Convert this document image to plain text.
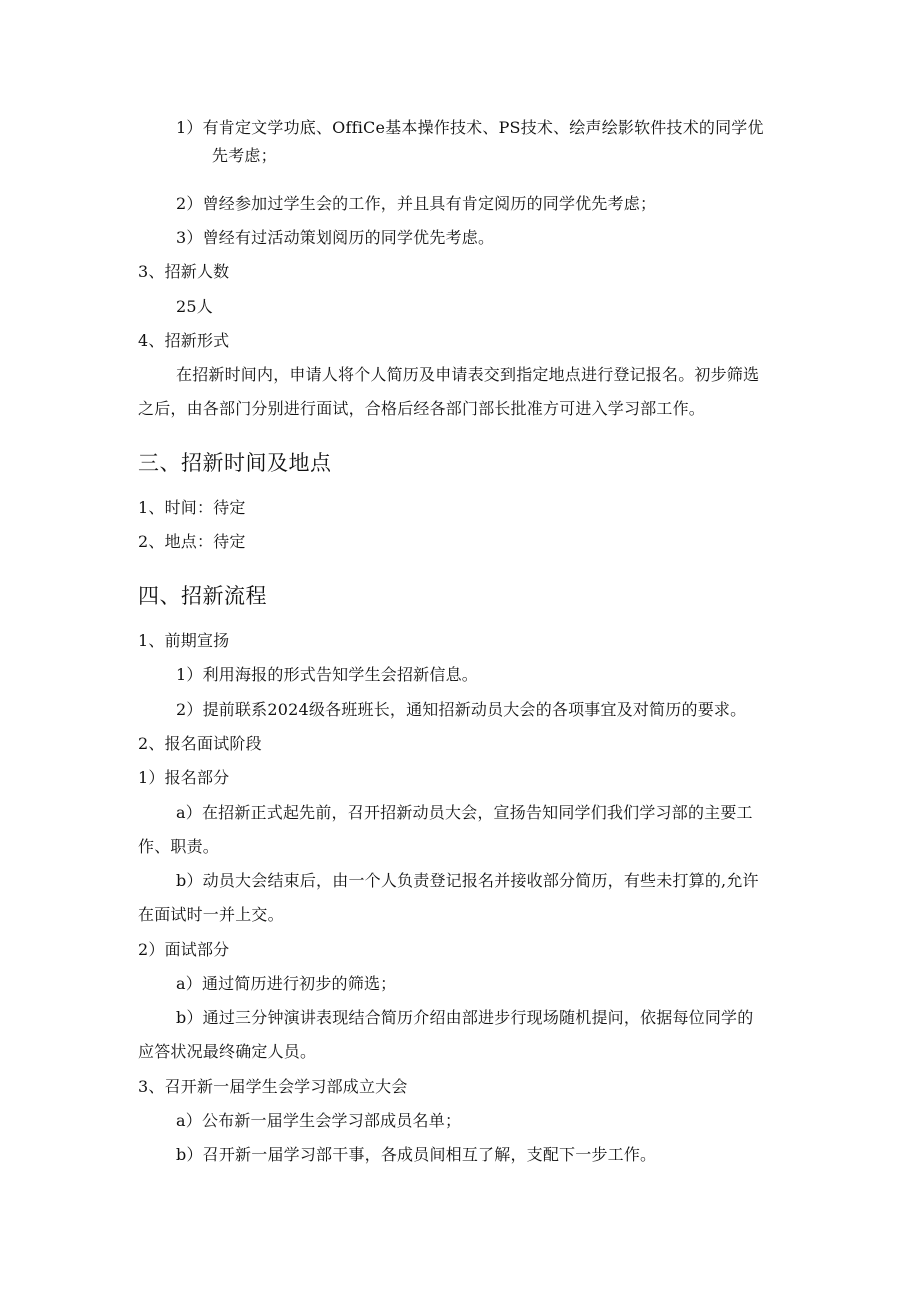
1）有肯定文学功底、OffiCe基本操作技术、PS技术、绘声绘影软件技术的同学优
先考虑；
2）曾经参加过学生会的工作，并且具有肯定阅历的同学优先考虑；
3）曾经有过活动策划阅历的同学优先考虑。
3、招新人数
25人
4、招新形式
在招新时间内，申请人将个人简历及申请表交到指定地点进行登记报名。初步筛选
之后，由各部门分别进行面试，合格后经各部门部长批准方可进入学习部工作。
三、招新时间及地点
1、时间：待定
2、地点：待定
四、招新流程
1、前期宣扬
1）利用海报的形式告知学生会招新信息。
2）提前联系2024级各班班长，通知招新动员大会的各项事宜及对简历的要求。
2、报名面试阶段
1）报名部分
a）在招新正式起先前，召开招新动员大会，宣扬告知同学们我们学习部的主要工
作、职责。
b）动员大会结束后，由一个人负责登记报名并接收部分简历，有些未打算的,允许
在面试时一并上交。
2）面试部分
a）通过简历进行初步的筛选；
b）通过三分钟演讲表现结合简历介绍由部进步行现场随机提问，依据每位同学的
应答状况最终确定人员。
3、召开新一届学生会学习部成立大会
a）公布新一届学生会学习部成员名单；
b）召开新一届学习部干事，各成员间相互了解，支配下一步工作。
